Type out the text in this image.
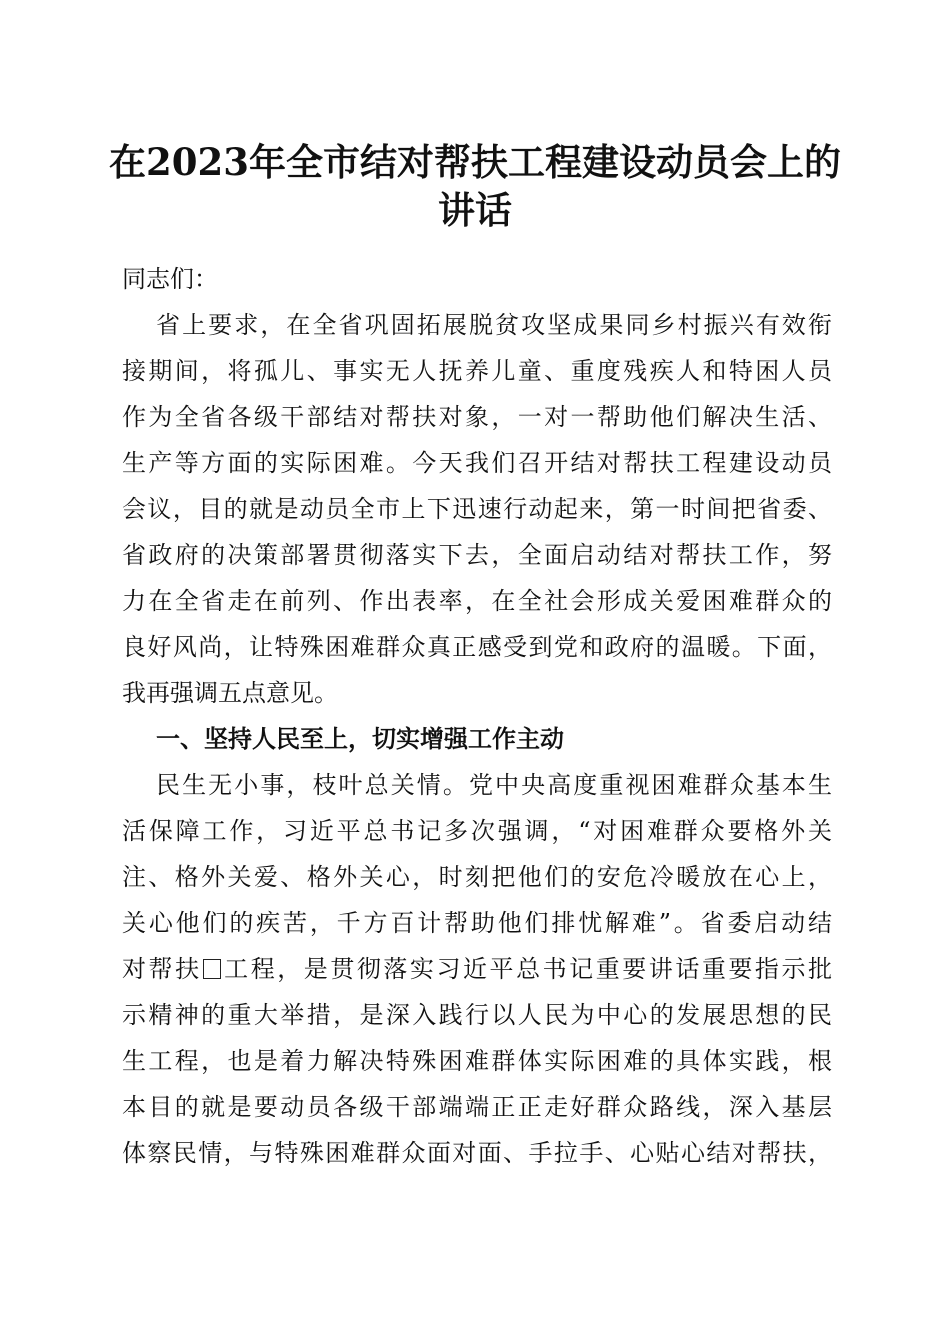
在2023年全市结对帮扶工程建设动员会上的
讲话
同志们：
省上要求，在全省巩固拓展脱贫攻坚成果同乡村振兴有效衔
接期间，将孤儿、事实无人抚养儿童、重度残疾人和特困人员
作为全省各级干部结对帮扶对象，一对一帮助他们解决生活、
生产等方面的实际困难。今天我们召开结对帮扶工程建设动员
会议，目的就是动员全市上下迅速行动起来，第一时间把省委、
省政府的决策部署贯彻落实下去，全面启动结对帮扶工作，努
力在全省走在前列、作出表率，在全社会形成关爱困难群众的
良好风尚，让特殊困难群众真正感受到党和政府的温暖。下面，
我再强调五点意见。
一、坚持人民至上，切实增强工作主动
民生无小事，枝叶总关情。党中央高度重视困难群众基本生
活保障工作，习近平总书记多次强调，“对困难群众要格外关
注、格外关爱、格外关心，时刻把他们的安危冷暖放在心上，
关心他们的疾苦，千方百计帮助他们排忧解难”。省委启动结
对帮扶 工程，是贯彻落实习近平总书记重要讲话重要指示批
示精神的重大举措，是深入践行以人民为中心的发展思想的民
生工程，也是着力解决特殊困难群体实际困难的具体实践，根
本目的就是要动员各级干部端端正正走好群众路线，深入基层
体察民情，与特殊困难群众面对面、手拉手、心贴心结对帮扶，
